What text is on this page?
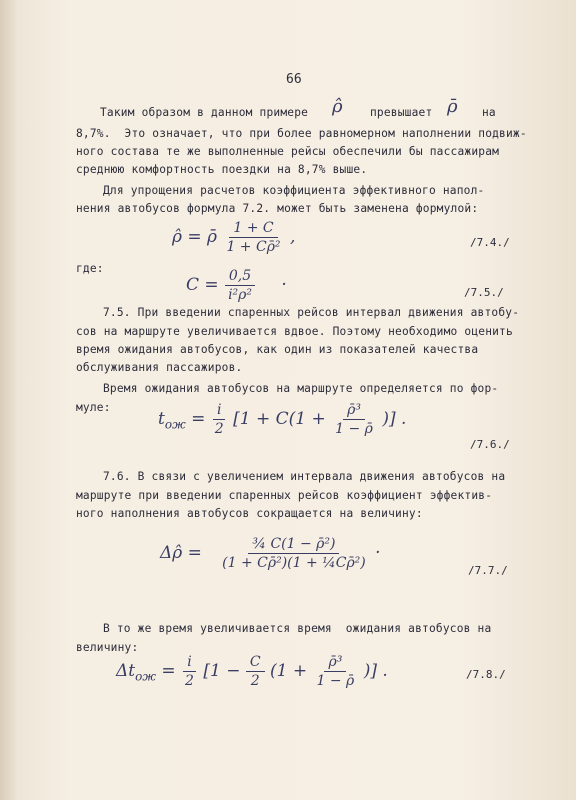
66
Таким образом в данном примере ρ̂ превышает ρ̄ на
8,7%.  Это означает, что при более равномерном наполнении подвиж-
ного состава те же выполненные рейсы обеспечили бы пассажирам
среднюю комфортность поездки на 8,7% выше.
Для упрощения расчетов коэффициента эффективного напол-
нения автобусов формула 7.2. может быть заменена формулой:
ρ̂ = ρ̄ $\frac{1 + C}{\text{1 + Cρ̄²}}$ ,	/7.4./
где:
$C = \frac{0,5}{\text{i²ρ²}}$ ·	/7.5./
7.5. При введении спаренных рейсов интервал движения автобу-
сов на маршруте увеличивается вдвое. Поэтому необходимо оценить
время ожидания автобусов, как один из показателей качества
обслуживания пассажиров.
Время ожидания автобусов на маршруте определяется по фор-
муле:
$t_{ож} = \frac{i}{2} [1 + C(1 + \frac{\text{ρ̄³}}{1 - \rhō}$ )] .
/7.6./
7.6. В связи с увеличением интервала движения автобусов на
маршруте при введении спаренных рейсов коэффициент эффектив-
ного наполнения автобусов сокращается на величину:
Δρ̂ = $\frac{\text{¾ C(1 − ρ̄²)}}{\text{(1 + Cρ̄²)(1 + ¼Cρ̄²)}}$ ·
/7.7./
В то же время увеличивается время  ожидания автобусов на
величину:
$\Delta t_{ож} = \frac{i}{2} [1 - \frac{C}{2} (1 + \frac{\text{ρ̄³}}{1 - \rhō}$ )] .	/7.8./
